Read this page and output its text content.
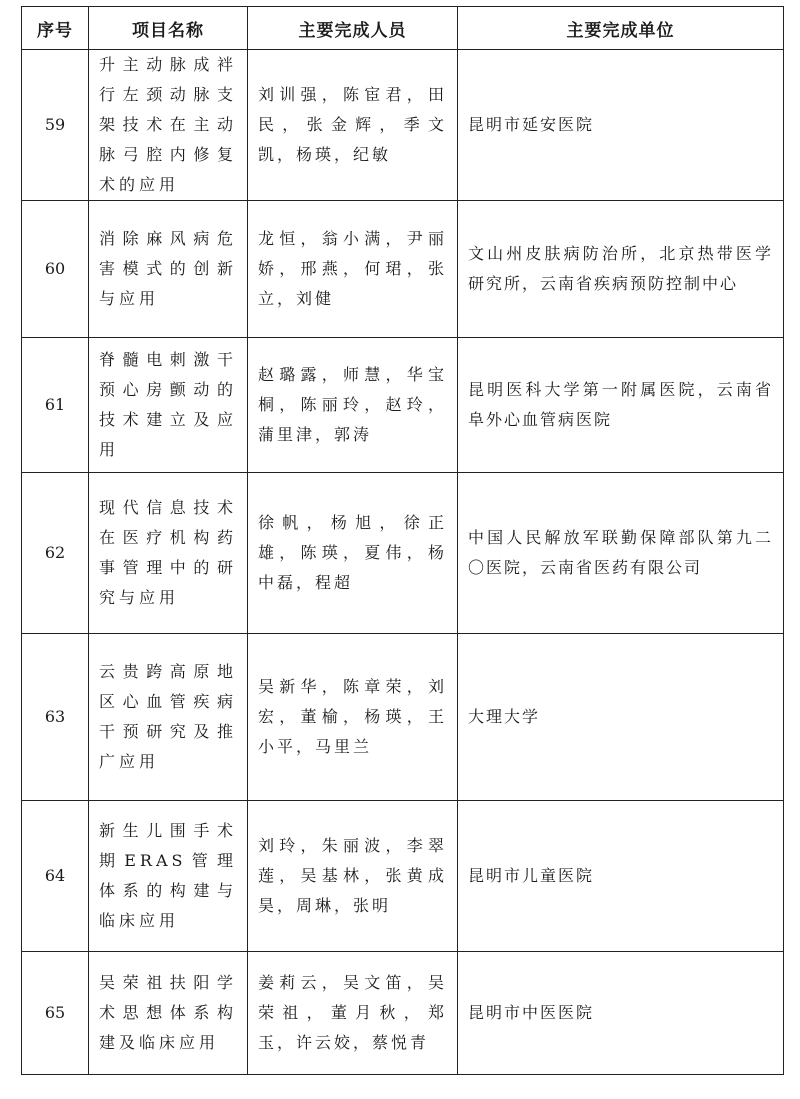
序号	项目名称	主要完成人员	主要完成单位
59	升主动脉成袢行左颈动脉支架技术在主动脉弓腔内修复术的应用	刘训强，陈宦君，田民，张金辉，季文凯，杨瑛，纪敏	昆明市延安医院
60	消除麻风病危害模式的创新与应用	龙恒，翁小满，尹丽娇，邢燕，何珺，张立，刘健	文山州皮肤病防治所，北京热带医学研究所，云南省疾病预防控制中心
61	脊髓电刺激干预心房颤动的技术建立及应用	赵璐露，师慧，华宝桐，陈丽玲，赵玲，蒲里津，郭涛	昆明医科大学第一附属医院，云南省阜外心血管病医院
62	现代信息技术在医疗机构药事管理中的研究与应用	徐帆，杨旭，徐正雄，陈瑛，夏伟，杨中磊，程超	中国人民解放军联勤保障部队第九二〇医院，云南省医药有限公司
63	云贵跨高原地区心血管疾病干预研究及推广应用	吴新华，陈章荣，刘宏，董榆，杨瑛，王小平，马里兰	大理大学
64	新生儿围手术期ERAS管理体系的构建与临床应用	刘玲，朱丽波，李翠莲，吴基林，张黄成昊，周琳，张明	昆明市儿童医院
65	吴荣祖扶阳学术思想体系构建及临床应用	姜莉云，吴文笛，吴荣祖，董月秋，郑玉，许云姣，蔡悦青	昆明市中医医院
